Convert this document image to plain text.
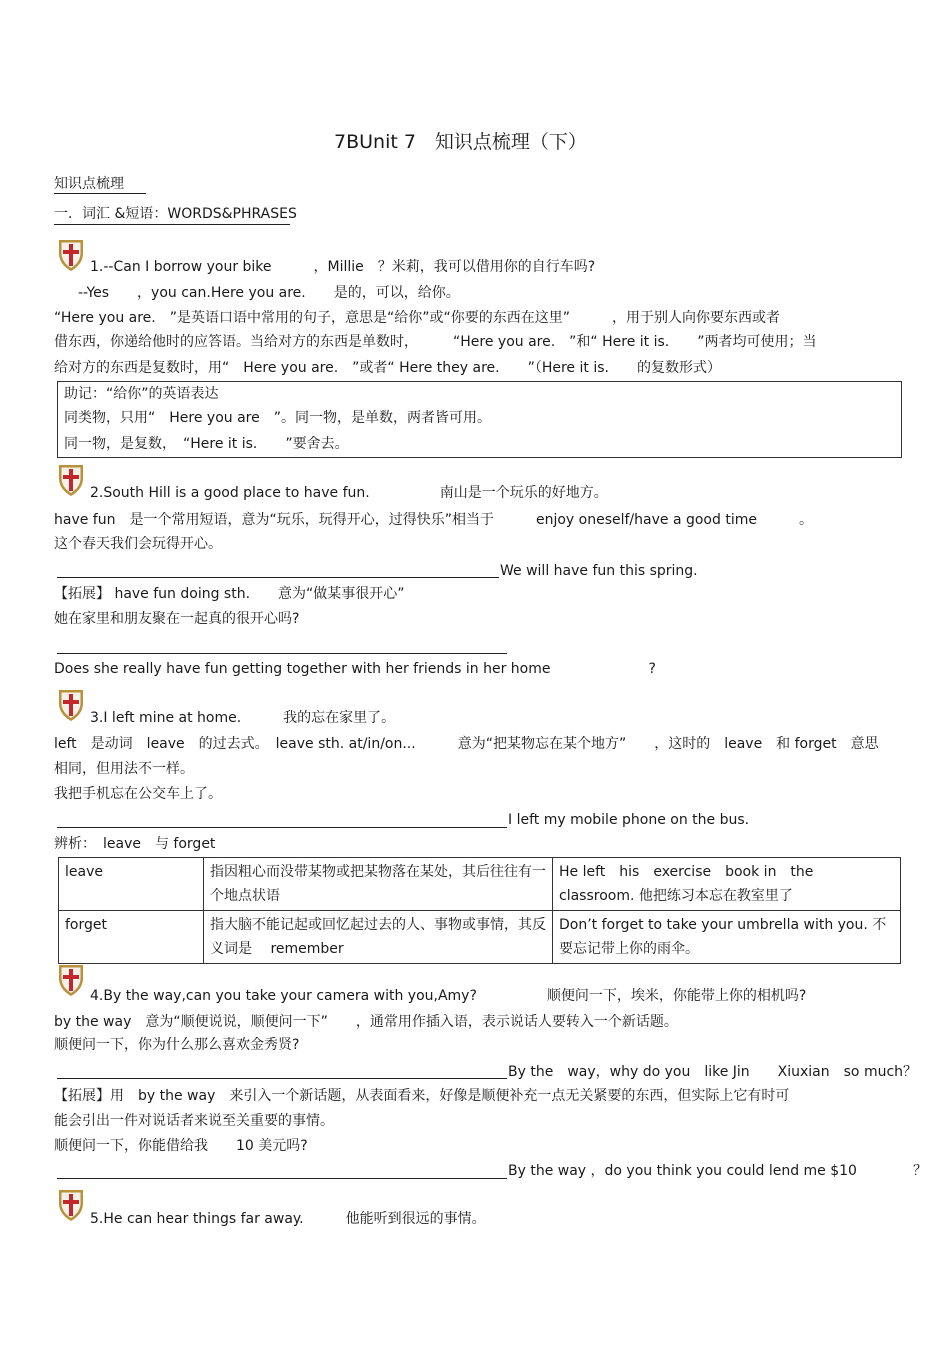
7BUnit 7　知识点梳理（下）
知识点梳理
一．词汇 &短语：WORDS&PHRASES
1.--Can I borrow your bike　　　，Millie　？米莉，我可以借用你的自行车吗?
--Yes　　，you can.Here you are.　　是的，可以，给你。
“Here you are.　”是英语口语中常用的句子，意思是“给你”或“你要的东西在这里”　　　，用于别人向你要东西或者
借东西，你递给他时的应答语。当给对方的东西是单数时，　　　“Here you are.　”和“ Here it is.　　”两者均可使用；当
给对方的东西是复数时，用“　Here you are.　”或者“ Here they are.　　”（Here it is.　　的复数形式）
助记：“给你”的英语表达
同类物，只用“　Here you are　”。同一物，是单数，两者皆可用。
同一物，是复数，　“Here it is.　　”要舍去。
2.South Hill is a good place to have fun.　　　　　南山是一个玩乐的好地方。
have fun　是一个常用短语，意为“玩乐，玩得开心，过得快乐”相当于　　　enjoy oneself/have a good time　　　。
这个春天我们会玩得开心。
We will have fun this spring.
【拓展】 have fun doing sth.　　意为“做某事很开心”
她在家里和朋友聚在一起真的很开心吗?
Does she really have fun getting together with her friends in her home　　　　　　　?
3.I left mine at home.　　　我的忘在家里了。
left　是动词　leave　的过去式。　leave sth. at/in/on...　　　意为“把某物忘在某个地方”　　，这时的　leave　和 forget　意思
相同，但用法不一样。
我把手机忘在公交车上了。
I left my mobile phone on the bus.
辨析：　leave　与 forget
leave	指因粗心而没带某物或把某物落在某处，其后往往有一个地点状语	He left　his　exercise　book in　the　classroom. 他把练习本忘在教室里了
forget	指大脑不能记起或回忆起过去的人、事物或事情，其反义词是　 remember	Don’t forget to take your umbrella with you. 不要忘记带上你的雨伞。
4.By the way,can you take your camera with you,Amy?　　　　　顺便问一下，埃米，你能带上你的相机吗?
by the way　意为“顺便说说，顺便问一下”　　，通常用作插入语，表示说话人要转入一个新话题。
顺便问一下，你为什么那么喜欢金秀贤?
By the　way，why do you　like Jin　　Xiuxian　so much？
【拓展】用　by the way　来引入一个新话题，从表面看来，好像是顺便补充一点无关紧要的东西，但实际上它有时可
能会引出一件对说话者来说至关重要的事情。
顺便问一下，你能借给我　　10 美元吗?
By the way ，do you think you could lend me $10　　　　？
5.He can hear things far away.　　　他能听到很远的事情。
